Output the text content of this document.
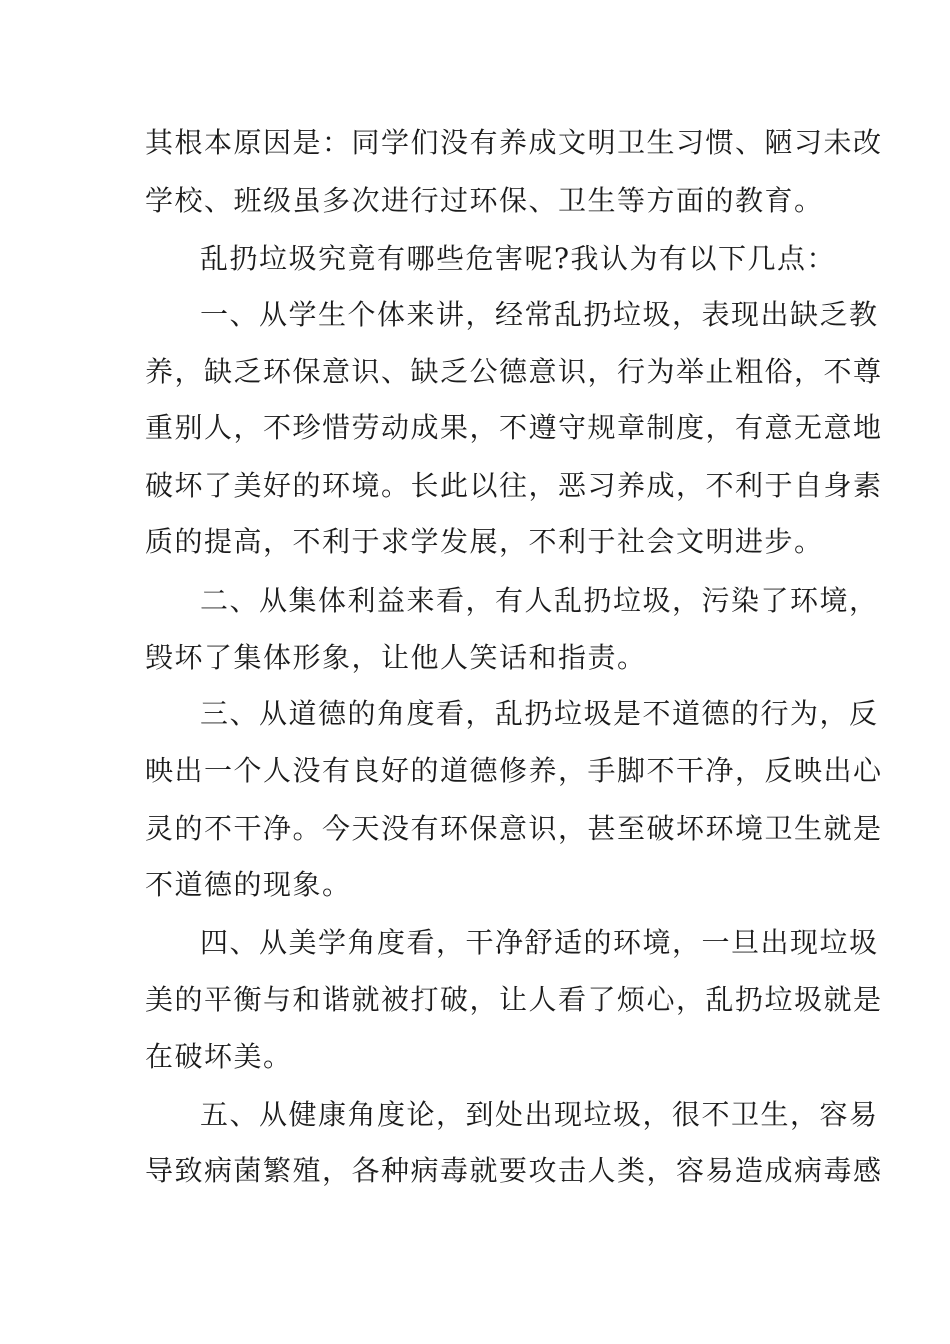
其根本原因是：同学们没有养成文明卫生习惯、陋习未改
学校、班级虽多次进行过环保、卫生等方面的教育。
乱扔垃圾究竟有哪些危害呢?我认为有以下几点：
一、从学生个体来讲，经常乱扔垃圾，表现出缺乏教
养，缺乏环保意识、缺乏公德意识，行为举止粗俗，不尊
重别人，不珍惜劳动成果，不遵守规章制度，有意无意地
破坏了美好的环境。长此以往，恶习养成，不利于自身素
质的提高，不利于求学发展，不利于社会文明进步。
二、从集体利益来看，有人乱扔垃圾，污染了环境，
毁坏了集体形象，让他人笑话和指责。
三、从道德的角度看，乱扔垃圾是不道德的行为，反
映出一个人没有良好的道德修养，手脚不干净，反映出心
灵的不干净。今天没有环保意识，甚至破坏环境卫生就是
不道德的现象。
四、从美学角度看，干净舒适的环境，一旦出现垃圾
美的平衡与和谐就被打破，让人看了烦心，乱扔垃圾就是
在破坏美。
五、从健康角度论，到处出现垃圾，很不卫生，容易
导致病菌繁殖，各种病毒就要攻击人类，容易造成病毒感
